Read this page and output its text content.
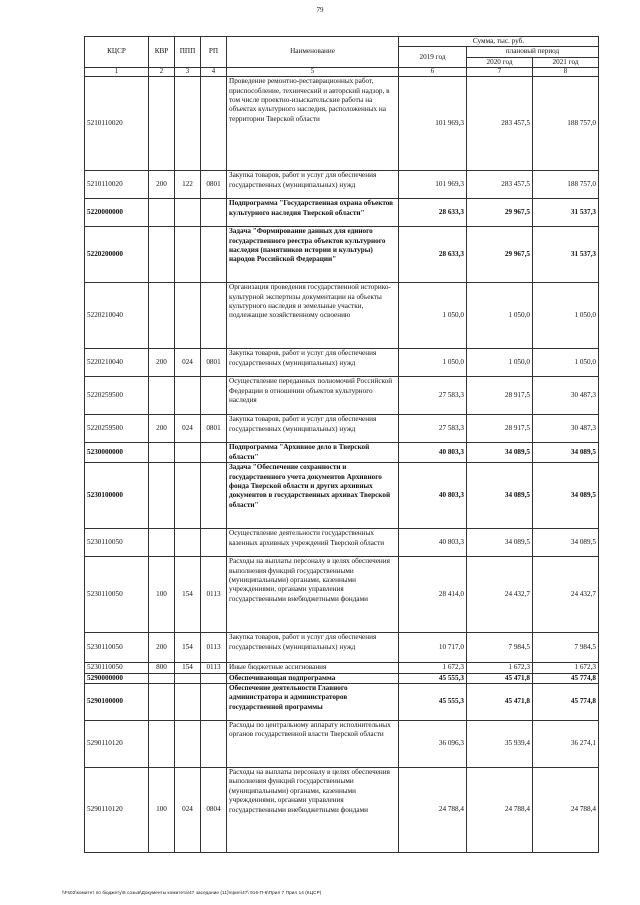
79
КЦСР	КВР	ППП	РП	Наименование	Сумма, тыс. руб.		
					2019 год	плановый период	
						2020 год	2021 год
1	2	3	4	5	6	7	8
5210110020				Проведение ремонтно-реставрационных работ, приспособление, технический и авторский надзор, в том числе проектно-изыскательские работы на объектах культурного наследия, расположенных на территории Тверской области	101 969,3	283 457,5	188 757,0
5210110020	200	122	0801	Закупка товаров, работ и услуг для обеспечения государственных (муниципальных) нужд	101 969,3	283 457,5	188 757,0
5220000000				Подпрограмма "Государственная охрана объектов культурного наследия Тверской области"	28 633,3	29 967,5	31 537,3
5220200000				Задача "Формирование данных для единого государственного реестра объектов культурного наследия (памятников истории и культуры) народов Российской Федерации"	28 633,3	29 967,5	31 537,3
5220210040				Организация проведения государственной историко-культурной экспертизы документации на объекты культурного наследия и земельные участки, подлежащие хозяйственному освоению	1 050,0	1 050,0	1 050,0
5220210040	200	024	0801	Закупка товаров, работ и услуг для обеспечения государственных (муниципальных) нужд	1 050,0	1 050,0	1 050,0
5220259500				Осуществление переданных полномочий Российской Федерации в отношении объектов культурного наследия	27 583,3	28 917,5	30 487,3
5220259500	200	024	0801	Закупка товаров, работ и услуг для обеспечения государственных (муниципальных) нужд	27 583,3	28 917,5	30 487,3
5230000000				Подпрограмма "Архивное дело в Тверской области"	40 803,3	34 089,5	34 089,5
5230100000				Задача "Обеспечение сохранности и государственного учета документов Архивного фонда Тверской области и других архивных документов в государственных архивах Тверской области"	40 803,3	34 089,5	34 089,5
5230110050				Осуществление деятельности государственных казенных архивных учреждений Тверской области	40 803,3	34 089,5	34 089,5
5230110050	100	154	0113	Расходы на выплаты персоналу в целях обеспечения выполнения функций государственными (муниципальными) органами, казенными учреждениями, органами управления государственными внебюджетными фондами	28 414,0	24 432,7	24 432,7
5230110050	200	154	0113	Закупка товаров, работ и услуг для обеспечения государственных (муниципальных) нужд	10 717,0	7 984,5	7 984,5
5230110050	800	154	0113	Иные бюджетные ассигнования	1 672,3	1 672,3	1 672,3
5290000000				Обеспечивающая подпрограмма	45 555,3	45 471,8	45 774,8
5290100000				Обеспечение деятельности Главного администратора и администраторов государственной программы	45 555,3	45 471,8	45 774,8
5290110120				Расходы по центральному аппарату исполнительных органов государственной власти Тверской области	36 096,3	35 939,4	36 274,1
5290110120	100	024	0804	Расходы на выплаты персоналу в целях обеспечения выполнения функций государственными (муниципальными) органами, казенными учреждениями, органами управления государственными внебюджетными фондами	24 788,4	24 788,4	24 788,4
\\Fs02\комитет по бюджету\6 созыв\Документы комитета\47 заседание (11)\прил\47\ 916-П-6\Прил 7 Прил 14 (КЦСР)
